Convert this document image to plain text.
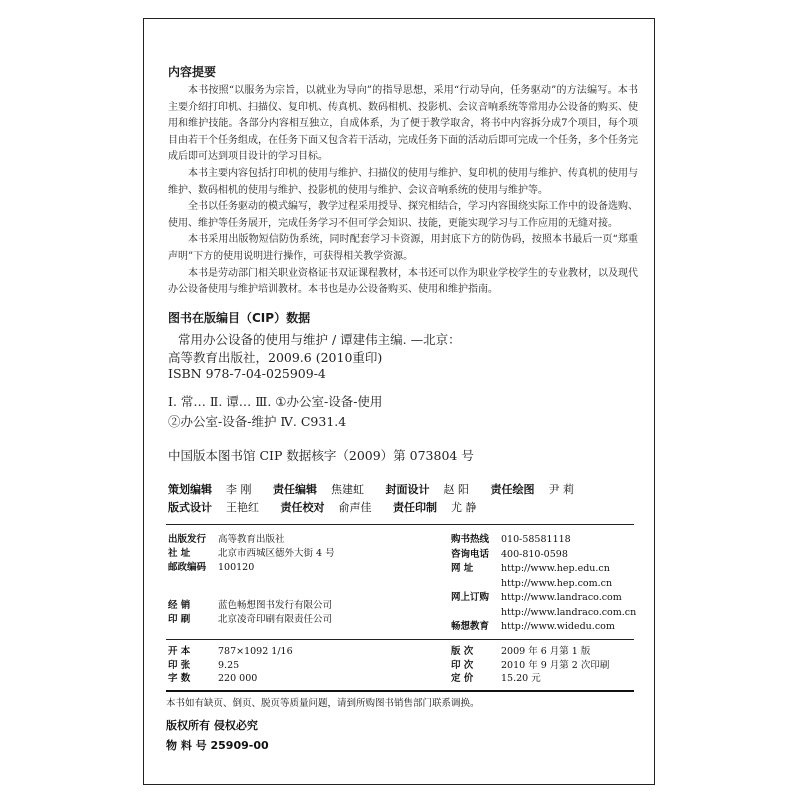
内容提要

本书按照“以服务为宗旨，以就业为导向”的指导思想，采用“行动导向，任务驱动”的方法编写。本书主要介绍打印机、扫描仪、复印机、传真机、数码相机、投影机、会议音响系统等常用办公设备的购买、使用和维护技能。各部分内容相互独立，自成体系，为了便于教学取舍，将书中内容拆分成7个项目，每个项目由若干个任务组成，在任务下面又包含若干活动，完成任务下面的活动后即可完成一个任务，多个任务完成后即可达到项目设计的学习目标。

本书主要内容包括打印机的使用与维护、扫描仪的使用与维护、复印机的使用与维护、传真机的使用与维护、数码相机的使用与维护、投影机的使用与维护、会议音响系统的使用与维护等。

全书以任务驱动的模式编写，教学过程采用授导、探究相结合，学习内容围绕实际工作中的设备选购、使用、维护等任务展开，完成任务学习不但可学会知识、技能，更能实现学习与工作应用的无缝对接。

本书采用出版物短信防伪系统，同时配套学习卡资源，用封底下方的防伪码，按照本书最后一页“郑重声明”下方的使用说明进行操作，可获得相关教学资源。

本书是劳动部门相关职业资格证书双证课程教材，本书还可以作为职业学校学生的专业教材，以及现代办公设备使用与维护培训教材。本书也是办公设备购买、使用和维护指南。

图书在版编目（CIP）数据
常用办公设备的使用与维护 / 谭建伟主编. —北京：
高等教育出版社，2009.6 (2010重印)
ISBN 978-7-04-025909-4
Ⅰ. 常… Ⅱ. 谭… Ⅲ. ①办公室-设备-使用
②办公室-设备-维护 Ⅳ. C931.4
中国版本图书馆 CIP 数据核字（2009）第 073804 号
策划编辑 李 刚 责任编辑 焦建虹 封面设计 赵 阳 责任绘图 尹 莉
版式设计 王艳红 责任校对 俞声佳 责任印制 尤 静
出版发行 高等教育出版社
社 址	北京市西城区德外大街 4 号
邮政编码 100120
经 销	蓝色畅想图书发行有限公司
印 刷	北京凌奇印刷有限责任公司
购书热线 010-58581118
咨询电话 400-810-0598
网 址	http://www.hep.edu.cn
http://www.hep.com.cn
网上订购 http://www.landraco.com
http://www.landraco.com.cn
畅想教育 http://www.widedu.com
开 本	787×1092 1/16
印 张	9.25
字 数	220 000
版 次	2009 年 6 月第 1 版
印 次	2010 年 9 月第 2 次印刷
定 价	15.20 元
本书如有缺页、倒页、脱页等质量问题，请到所购图书销售部门联系调换。
版权所有 侵权必究
物 料 号 25909-00
